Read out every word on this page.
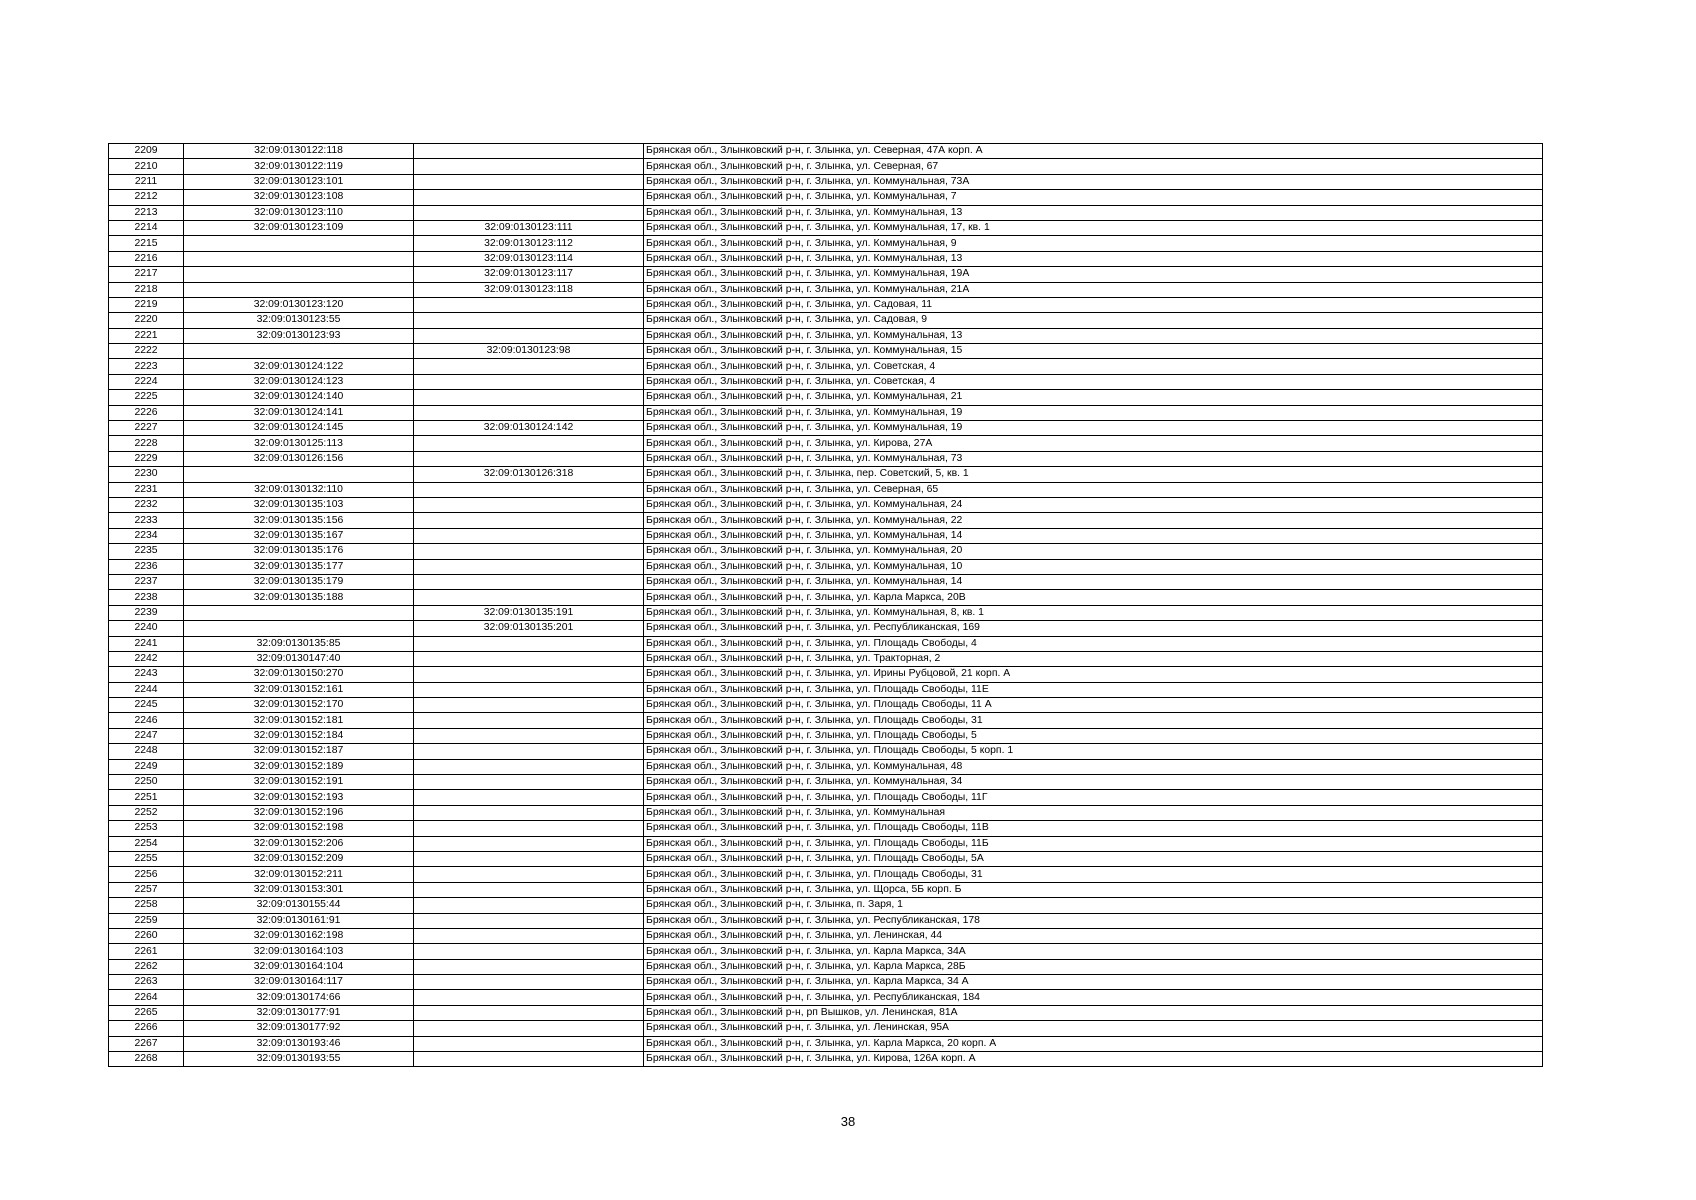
2209	32:09:0130122:118		Брянская обл., Злынковский р-н, г. Злынка, ул. Северная, 47А корп. А
2210	32:09:0130122:119		Брянская обл., Злынковский р-н, г. Злынка, ул. Северная, 67
2211	32:09:0130123:101		Брянская обл., Злынковский р-н, г. Злынка, ул. Коммунальная, 73А
2212	32:09:0130123:108		Брянская обл., Злынковский р-н, г. Злынка, ул. Коммунальная, 7
2213	32:09:0130123:110		Брянская обл., Злынковский р-н, г. Злынка, ул. Коммунальная, 13
2214	32:09:0130123:109	32:09:0130123:111	Брянская обл., Злынковский р-н, г. Злынка, ул. Коммунальная, 17, кв. 1
2215		32:09:0130123:112	Брянская обл., Злынковский р-н, г. Злынка, ул. Коммунальная, 9
2216		32:09:0130123:114	Брянская обл., Злынковский р-н, г. Злынка, ул. Коммунальная, 13
2217		32:09:0130123:117	Брянская обл., Злынковский р-н, г. Злынка, ул. Коммунальная, 19А
2218		32:09:0130123:118	Брянская обл., Злынковский р-н, г. Злынка, ул. Коммунальная, 21А
2219	32:09:0130123:120		Брянская обл., Злынковский р-н, г. Злынка, ул. Садовая, 11
2220	32:09:0130123:55		Брянская обл., Злынковский р-н, г. Злынка, ул. Садовая, 9
2221	32:09:0130123:93		Брянская обл., Злынковский р-н, г. Злынка, ул. Коммунальная, 13
2222		32:09:0130123:98	Брянская обл., Злынковский р-н, г. Злынка, ул. Коммунальная, 15
2223	32:09:0130124:122		Брянская обл., Злынковский р-н, г. Злынка, ул. Советская, 4
2224	32:09:0130124:123		Брянская обл., Злынковский р-н, г. Злынка, ул. Советская, 4
2225	32:09:0130124:140		Брянская обл., Злынковский р-н, г. Злынка, ул. Коммунальная, 21
2226	32:09:0130124:141		Брянская обл., Злынковский р-н, г. Злынка, ул. Коммунальная, 19
2227	32:09:0130124:145	32:09:0130124:142	Брянская обл., Злынковский р-н, г. Злынка, ул. Коммунальная, 19
2228	32:09:0130125:113		Брянская обл., Злынковский р-н, г. Злынка, ул. Кирова, 27А
2229	32:09:0130126:156		Брянская обл., Злынковский р-н, г. Злынка, ул. Коммунальная, 73
2230		32:09:0130126:318	Брянская обл., Злынковский р-н, г. Злынка, пер. Советский, 5, кв. 1
2231	32:09:0130132:110		Брянская обл., Злынковский р-н, г. Злынка, ул. Северная, 65
2232	32:09:0130135:103		Брянская обл., Злынковский р-н, г. Злынка, ул. Коммунальная, 24
2233	32:09:0130135:156		Брянская обл., Злынковский р-н, г. Злынка, ул. Коммунальная, 22
2234	32:09:0130135:167		Брянская обл., Злынковский р-н, г. Злынка, ул. Коммунальная, 14
2235	32:09:0130135:176		Брянская обл., Злынковский р-н, г. Злынка, ул. Коммунальная, 20
2236	32:09:0130135:177		Брянская обл., Злынковский р-н, г. Злынка, ул. Коммунальная, 10
2237	32:09:0130135:179		Брянская обл., Злынковский р-н, г. Злынка, ул. Коммунальная, 14
2238	32:09:0130135:188		Брянская обл., Злынковский р-н, г. Злынка, ул. Карла Маркса, 20В
2239		32:09:0130135:191	Брянская обл., Злынковский р-н, г. Злынка, ул. Коммунальная, 8, кв. 1
2240		32:09:0130135:201	Брянская обл., Злынковский р-н, г. Злынка, ул. Республиканская, 169
2241	32:09:0130135:85		Брянская обл., Злынковский р-н, г. Злынка, ул. Площадь Свободы, 4
2242	32:09:0130147:40		Брянская обл., Злынковский р-н, г. Злынка, ул. Тракторная, 2
2243	32:09:0130150:270		Брянская обл., Злынковский р-н, г. Злынка, ул. Ирины Рубцовой, 21 корп. А
2244	32:09:0130152:161		Брянская обл., Злынковский р-н, г. Злынка, ул. Площадь Свободы, 11Е
2245	32:09:0130152:170		Брянская обл., Злынковский р-н, г. Злынка, ул. Площадь Свободы, 11 А
2246	32:09:0130152:181		Брянская обл., Злынковский р-н, г. Злынка, ул. Площадь Свободы, 31
2247	32:09:0130152:184		Брянская обл., Злынковский р-н, г. Злынка, ул. Площадь Свободы, 5
2248	32:09:0130152:187		Брянская обл., Злынковский р-н, г. Злынка, ул. Площадь Свободы, 5 корп. 1
2249	32:09:0130152:189		Брянская обл., Злынковский р-н, г. Злынка, ул. Коммунальная, 48
2250	32:09:0130152:191		Брянская обл., Злынковский р-н, г. Злынка, ул. Коммунальная, 34
2251	32:09:0130152:193		Брянская обл., Злынковский р-н, г. Злынка, ул. Площадь Свободы, 11Г
2252	32:09:0130152:196		Брянская обл., Злынковский р-н, г. Злынка, ул. Коммунальная
2253	32:09:0130152:198		Брянская обл., Злынковский р-н, г. Злынка, ул. Площадь Свободы, 11В
2254	32:09:0130152:206		Брянская обл., Злынковский р-н, г. Злынка, ул. Площадь Свободы, 11Б
2255	32:09:0130152:209		Брянская обл., Злынковский р-н, г. Злынка, ул. Площадь Свободы, 5А
2256	32:09:0130152:211		Брянская обл., Злынковский р-н, г. Злынка, ул. Площадь Свободы, 31
2257	32:09:0130153:301		Брянская обл., Злынковский р-н, г. Злынка, ул. Щорса, 5Б корп. Б
2258	32:09:0130155:44		Брянская обл., Злынковский р-н, г. Злынка, п. Заря, 1
2259	32:09:0130161:91		Брянская обл., Злынковский р-н, г. Злынка, ул. Республиканская, 178
2260	32:09:0130162:198		Брянская обл., Злынковский р-н, г. Злынка, ул. Ленинская, 44
2261	32:09:0130164:103		Брянская обл., Злынковский р-н, г. Злынка, ул. Карла Маркса, 34А
2262	32:09:0130164:104		Брянская обл., Злынковский р-н, г. Злынка, ул. Карла Маркса, 28Б
2263	32:09:0130164:117		Брянская обл., Злынковский р-н, г. Злынка, ул. Карла Маркса, 34 А
2264	32:09:0130174:66		Брянская обл., Злынковский р-н, г. Злынка, ул. Республиканская, 184
2265	32:09:0130177:91		Брянская обл., Злынковский р-н, рп Вышков, ул. Ленинская, 81А
2266	32:09:0130177:92		Брянская обл., Злынковский р-н, г. Злынка, ул. Ленинская, 95А
2267	32:09:0130193:46		Брянская обл., Злынковский р-н, г. Злынка, ул. Карла Маркса, 20 корп. А
2268	32:09:0130193:55		Брянская обл., Злынковский р-н, г. Злынка, ул. Кирова, 126А корп. А
38
